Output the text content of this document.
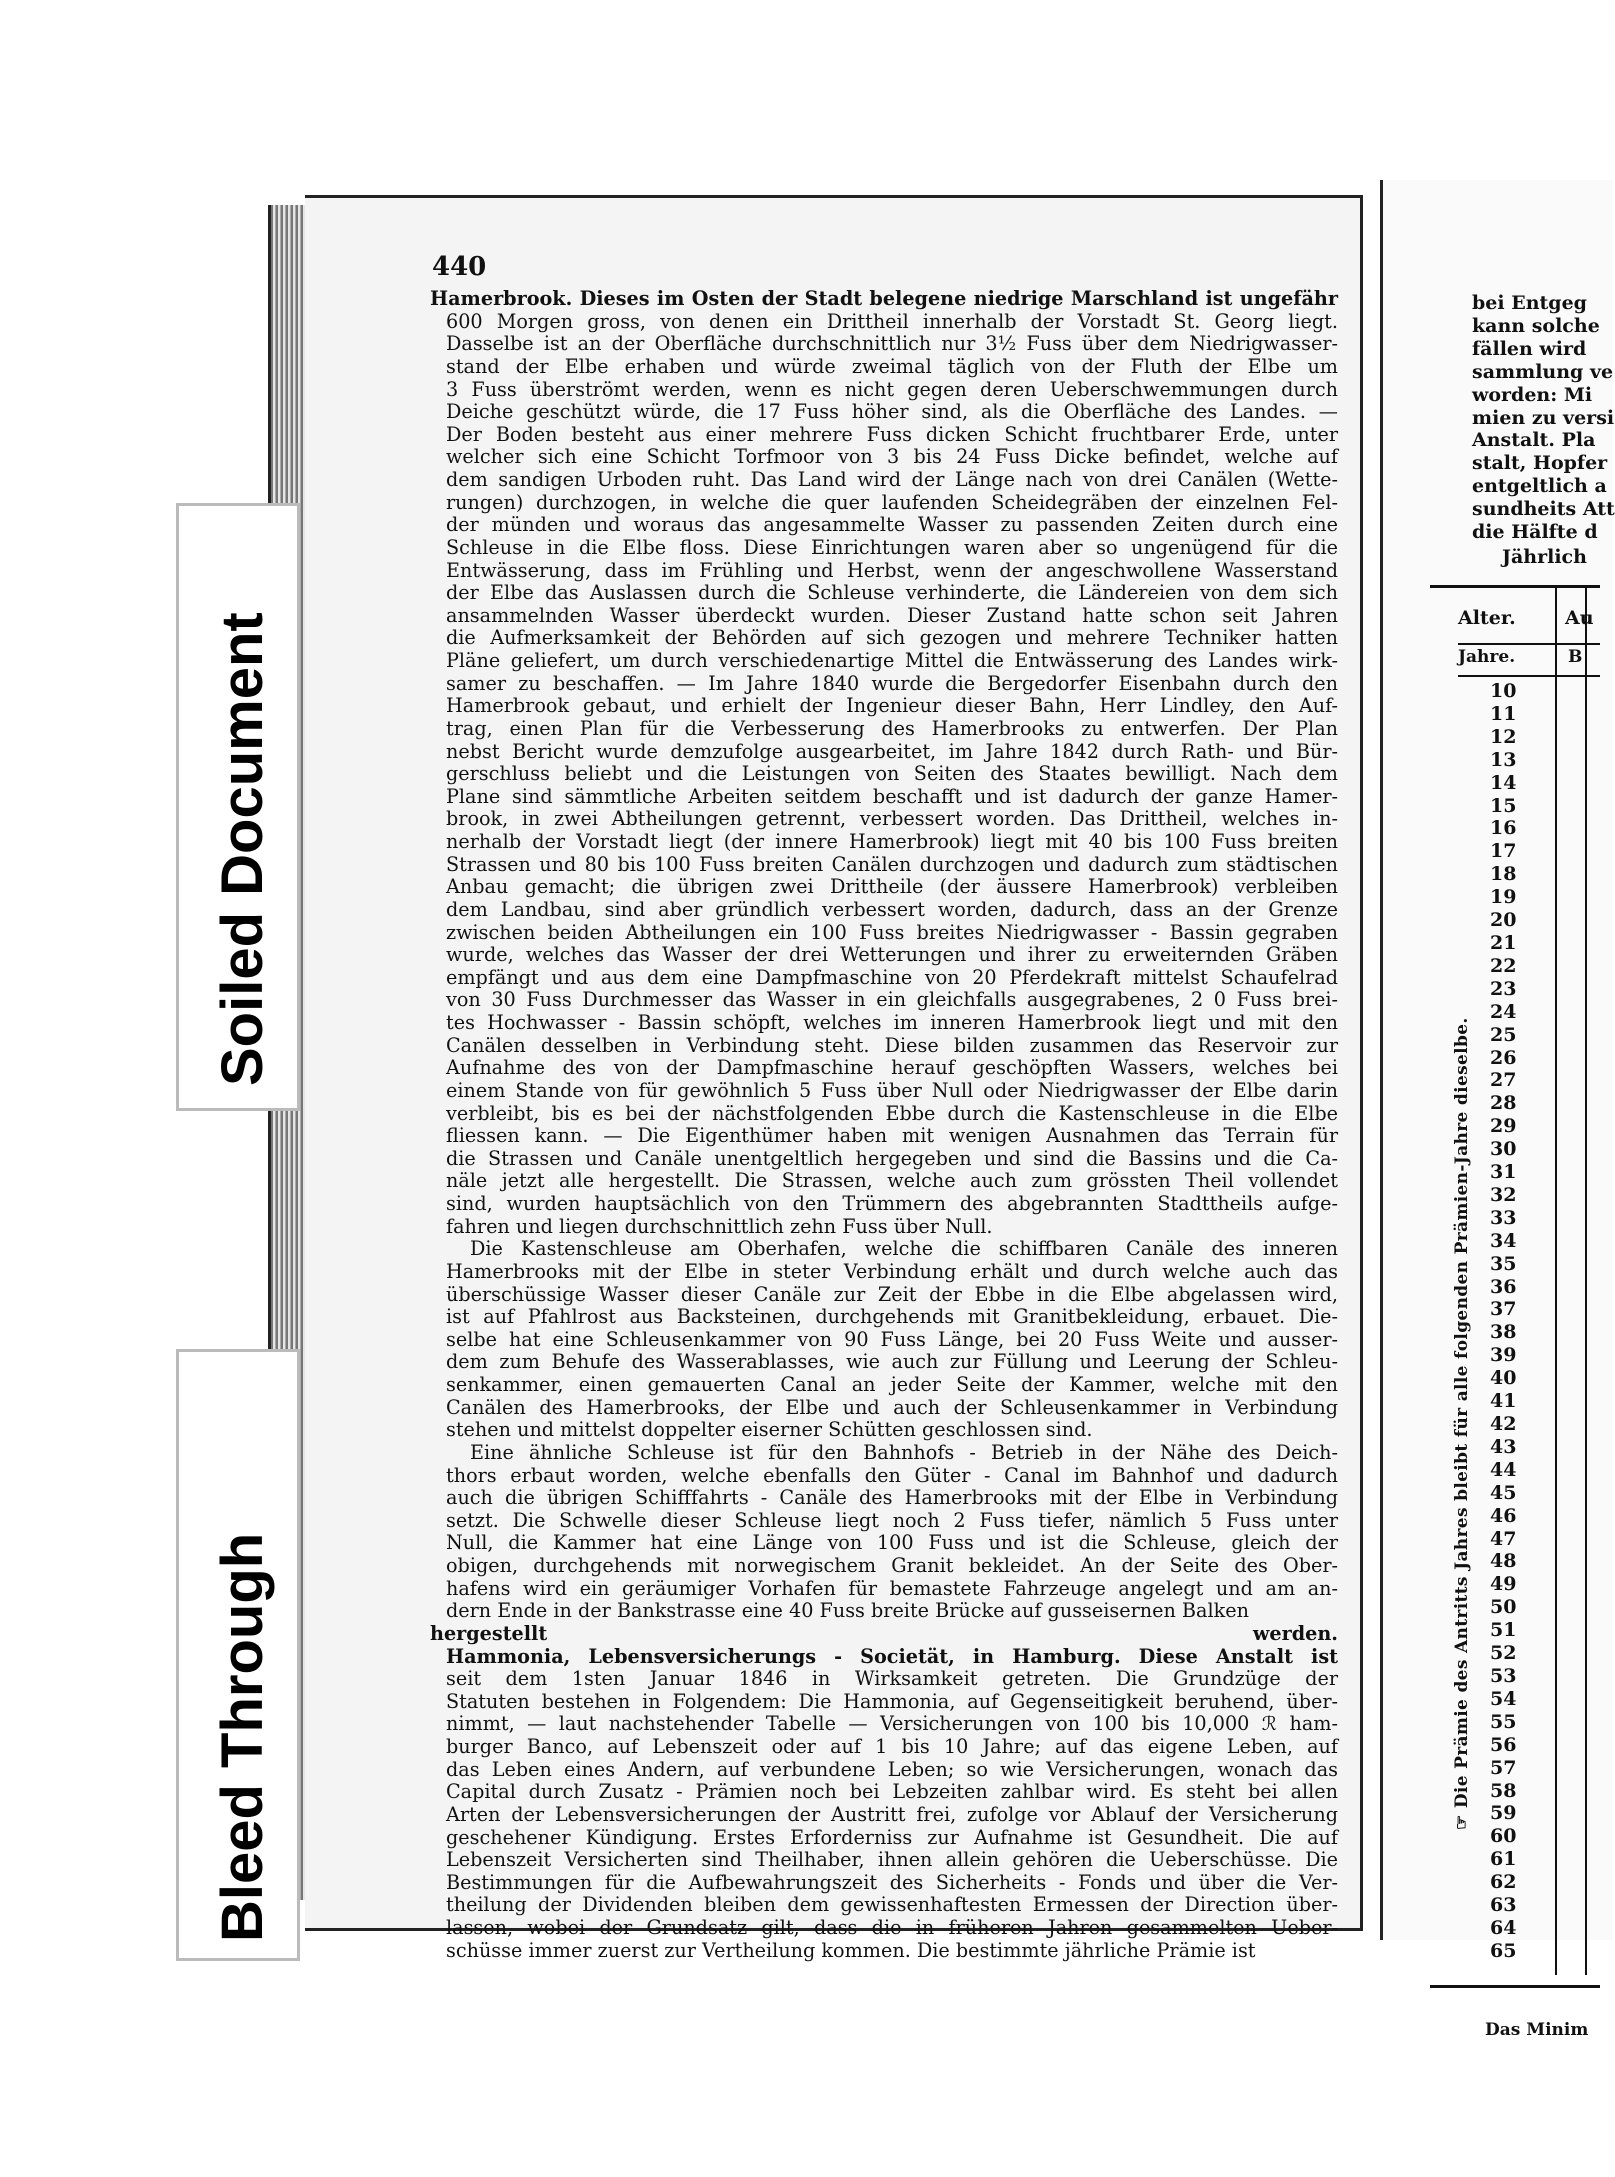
440
Hamerbrook. Dieses im Osten der Stadt belegene niedrige Marschland ist ungefähr
600 Morgen gross, von denen ein Drittheil innerhalb der Vorstadt St. Georg liegt.
Dasselbe ist an der Oberfläche durchschnittlich nur 3½ Fuss über dem Niedrigwasser-
stand der Elbe erhaben und würde zweimal täglich von der Fluth der Elbe um
3 Fuss überströmt werden, wenn es nicht gegen deren Ueberschwemmungen durch
Deiche geschützt würde, die 17 Fuss höher sind, als die Oberfläche des Landes. —
Der Boden besteht aus einer mehrere Fuss dicken Schicht fruchtbarer Erde, unter
welcher sich eine Schicht Torfmoor von 3 bis 24 Fuss Dicke befindet, welche auf
dem sandigen Urboden ruht. Das Land wird der Länge nach von drei Canälen (Wette-
rungen) durchzogen, in welche die quer laufenden Scheidegräben der einzelnen Fel-
der münden und woraus das angesammelte Wasser zu passenden Zeiten durch eine
Schleuse in die Elbe floss. Diese Einrichtungen waren aber so ungenügend für die
Entwässerung, dass im Frühling und Herbst, wenn der angeschwollene Wasserstand
der Elbe das Auslassen durch die Schleuse verhinderte, die Ländereien von dem sich
ansammelnden Wasser überdeckt wurden. Dieser Zustand hatte schon seit Jahren
die Aufmerksamkeit der Behörden auf sich gezogen und mehrere Techniker hatten
Pläne geliefert, um durch verschiedenartige Mittel die Entwässerung des Landes wirk-
samer zu beschaffen. — Im Jahre 1840 wurde die Bergedorfer Eisenbahn durch den
Hamerbrook gebaut, und erhielt der Ingenieur dieser Bahn, Herr Lindley, den Auf-
trag, einen Plan für die Verbesserung des Hamerbrooks zu entwerfen. Der Plan
nebst Bericht wurde demzufolge ausgearbeitet, im Jahre 1842 durch Rath- und Bür-
gerschluss beliebt und die Leistungen von Seiten des Staates bewilligt. Nach dem
Plane sind sämmtliche Arbeiten seitdem beschafft und ist dadurch der ganze Hamer-
brook, in zwei Abtheilungen getrennt, verbessert worden. Das Drittheil, welches in-
nerhalb der Vorstadt liegt (der innere Hamerbrook) liegt mit 40 bis 100 Fuss breiten
Strassen und 80 bis 100 Fuss breiten Canälen durchzogen und dadurch zum städtischen
Anbau gemacht; die übrigen zwei Drittheile (der äussere Hamerbrook) verbleiben
dem Landbau, sind aber gründlich verbessert worden, dadurch, dass an der Grenze
zwischen beiden Abtheilungen ein 100 Fuss breites Niedrigwasser - Bassin gegraben
wurde, welches das Wasser der drei Wetterungen und ihrer zu erweiternden Gräben
empfängt und aus dem eine Dampfmaschine von 20 Pferdekraft mittelst Schaufelrad
von 30 Fuss Durchmesser das Wasser in ein gleichfalls ausgegrabenes, 2 0 Fuss brei-
tes Hochwasser - Bassin schöpft, welches im inneren Hamerbrook liegt und mit den
Canälen desselben in Verbindung steht. Diese bilden zusammen das Reservoir zur
Aufnahme des von der Dampfmaschine herauf geschöpften Wassers, welches bei
einem Stande von für gewöhnlich 5 Fuss über Null oder Niedrigwasser der Elbe darin
verbleibt, bis es bei der nächstfolgenden Ebbe durch die Kastenschleuse in die Elbe
fliessen kann. — Die Eigenthümer haben mit wenigen Ausnahmen das Terrain für
die Strassen und Canäle unentgeltlich hergegeben und sind die Bassins und die Ca-
näle jetzt alle hergestellt. Die Strassen, welche auch zum grössten Theil vollendet
sind, wurden hauptsächlich von den Trümmern des abgebrannten Stadttheils aufge-
fahren und liegen durchschnittlich zehn Fuss über Null.
Die Kastenschleuse am Oberhafen, welche die schiffbaren Canäle des inneren
Hamerbrooks mit der Elbe in steter Verbindung erhält und durch welche auch das
überschüssige Wasser dieser Canäle zur Zeit der Ebbe in die Elbe abgelassen wird,
ist auf Pfahlrost aus Backsteinen, durchgehends mit Granitbekleidung, erbauet. Die-
selbe hat eine Schleusenkammer von 90 Fuss Länge, bei 20 Fuss Weite und ausser-
dem zum Behufe des Wasserablasses, wie auch zur Füllung und Leerung der Schleu-
senkammer, einen gemauerten Canal an jeder Seite der Kammer, welche mit den
Canälen des Hamerbrooks, der Elbe und auch der Schleusenkammer in Verbindung
stehen und mittelst doppelter eiserner Schütten geschlossen sind.
Eine ähnliche Schleuse ist für den Bahnhofs - Betrieb in der Nähe des Deich-
thors erbaut worden, welche ebenfalls den Güter - Canal im Bahnhof und dadurch
auch die übrigen Schifffahrts - Canäle des Hamerbrooks mit der Elbe in Verbindung
setzt. Die Schwelle dieser Schleuse liegt noch 2 Fuss tiefer, nämlich 5 Fuss unter
Null, die Kammer hat eine Länge von 100 Fuss und ist die Schleuse, gleich der
obigen, durchgehends mit norwegischem Granit bekleidet. An der Seite des Ober-
hafens wird ein geräumiger Vorhafen für bemastete Fahrzeuge angelegt und am an-
dern Ende in der Bankstrasse eine 40 Fuss breite Brücke auf gusseisernen Balken
hergestellt werden.
Hammonia, Lebensversicherungs - Societät, in Hamburg. Diese Anstalt ist
seit dem 1sten Januar 1846 in Wirksamkeit getreten. Die Grundzüge der
Statuten bestehen in Folgendem: Die Hammonia, auf Gegenseitigkeit beruhend, über-
nimmt, — laut nachstehender Tabelle — Versicherungen von 100 bis 10,000 ℛ ham-
burger Banco, auf Lebenszeit oder auf 1 bis 10 Jahre; auf das eigene Leben, auf
das Leben eines Andern, auf verbundene Leben; so wie Versicherungen, wonach das
Capital durch Zusatz - Prämien noch bei Lebzeiten zahlbar wird. Es steht bei allen
Arten der Lebensversicherungen der Austritt frei, zufolge vor Ablauf der Versicherung
geschehener Kündigung. Erstes Erforderniss zur Aufnahme ist Gesundheit. Die auf
Lebenszeit Versicherten sind Theilhaber, ihnen allein gehören die Ueberschüsse. Die
Bestimmungen für die Aufbewahrungszeit des Sicherheits - Fonds und über die Ver-
theilung der Dividenden bleiben dem gewissenhaftesten Ermessen der Direction über-
lassen, wobei der Grundsatz gilt, dass die in früheren Jahren gesammelten Ueber-
schüsse immer zuerst zur Vertheilung kommen. Die bestimmte jährliche Prämie ist
bei Entgeg
kann solche
fällen wird
sammlung ve
worden: Mi
mien zu versi
Anstalt. Pla
stalt, Hopfer
entgeltlich a
sundheits Att
die Hälfte d
Jährlich
Alter.	Au
Jahre.	B
10
11
12
13
14
15
16
17
18
19
20
21
22
23
24
25
26
27
28
29
30
31
32
33
34
35
36
37
38
39
40
41
42
43
44
45
46
47
48
49
50
51
52
53
54
55
56
57
58
59
60
61
62
63
64
65
☞ Die Prämie des Antritts Jahres bleibt für alle folgenden Prämien-Jahre dieselbe.
Das Minim
Soiled Document
Bleed Through
